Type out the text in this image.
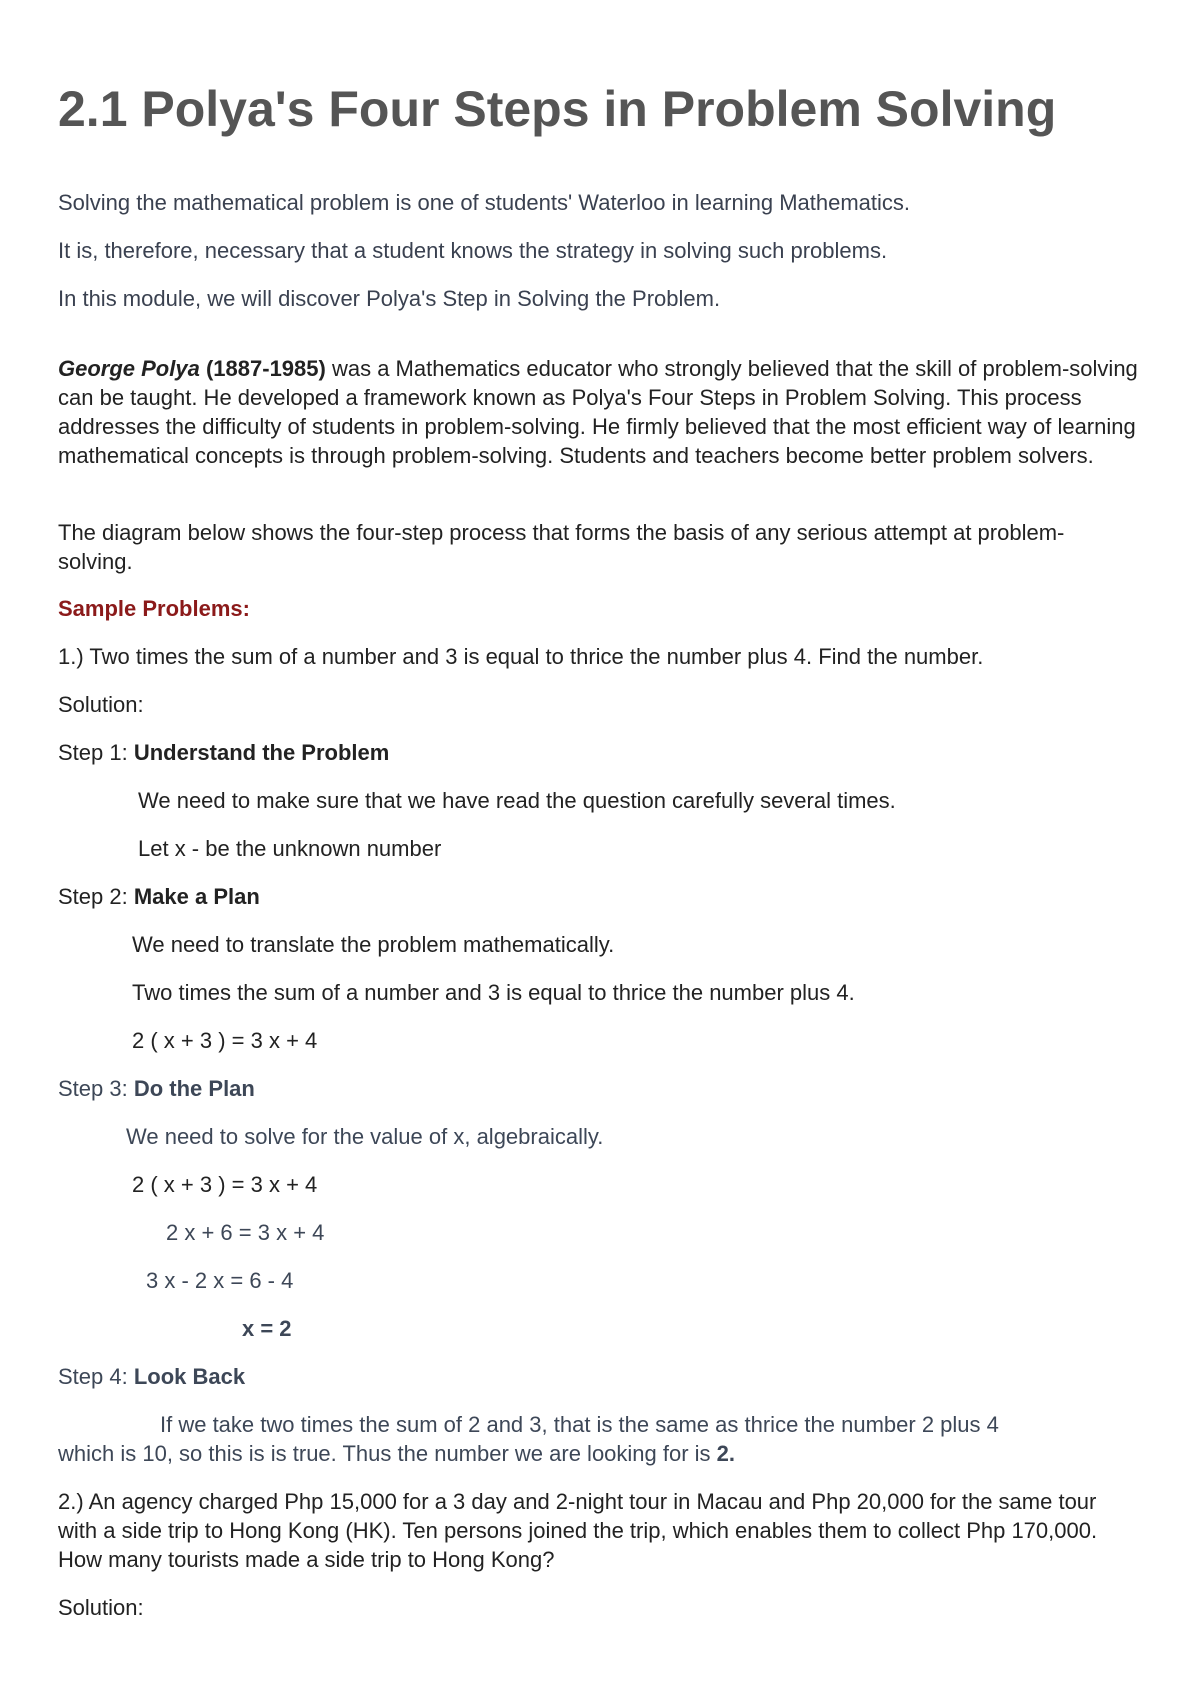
2.1 Polya's Four Steps in Problem Solving

Solving the mathematical problem is one of students' Waterloo in learning Mathematics.

It is, therefore, necessary that a student knows the strategy in solving such problems.

In this module, we will discover Polya's Step in Solving the Problem.

George Polya (1887-1985) was a Mathematics educator who strongly believed that the skill of problem-solving can be taught. He developed a framework known as Polya's Four Steps in Problem Solving. This process addresses the difficulty of students in problem-solving. He firmly believed that the most efficient way of learning mathematical concepts is through problem-solving. Students and teachers become better problem solvers.

The diagram below shows the four-step process that forms the basis of any serious attempt at problem-solving.

Sample Problems:

1.) Two times the sum of a number and 3 is equal to thrice the number plus 4. Find the number.

Solution:

Step 1: Understand the Problem

We need to make sure that we have read the question carefully several times.

Let x - be the unknown number

Step 2: Make a Plan

We need to translate the problem mathematically.

Two times the sum of a number and 3 is equal to thrice the number plus 4.

2 ( x + 3 ) = 3 x + 4

Step 3: Do the Plan

We need to solve for the value of x, algebraically.

2 ( x + 3 ) = 3 x + 4

2 x + 6 = 3 x + 4

3 x - 2 x = 6 - 4

x = 2

Step 4: Look Back

If we take two times the sum of 2 and 3, that is the same as thrice the number 2 plus 4

which is 10, so this is is true. Thus the number we are looking for is 2.

2.) An agency charged Php 15,000 for a 3 day and 2-night tour in Macau and Php 20,000 for the same tour with a side trip to Hong Kong (HK). Ten persons joined the trip, which enables them to collect Php 170,000. How many tourists made a side trip to Hong Kong?

Solution:
